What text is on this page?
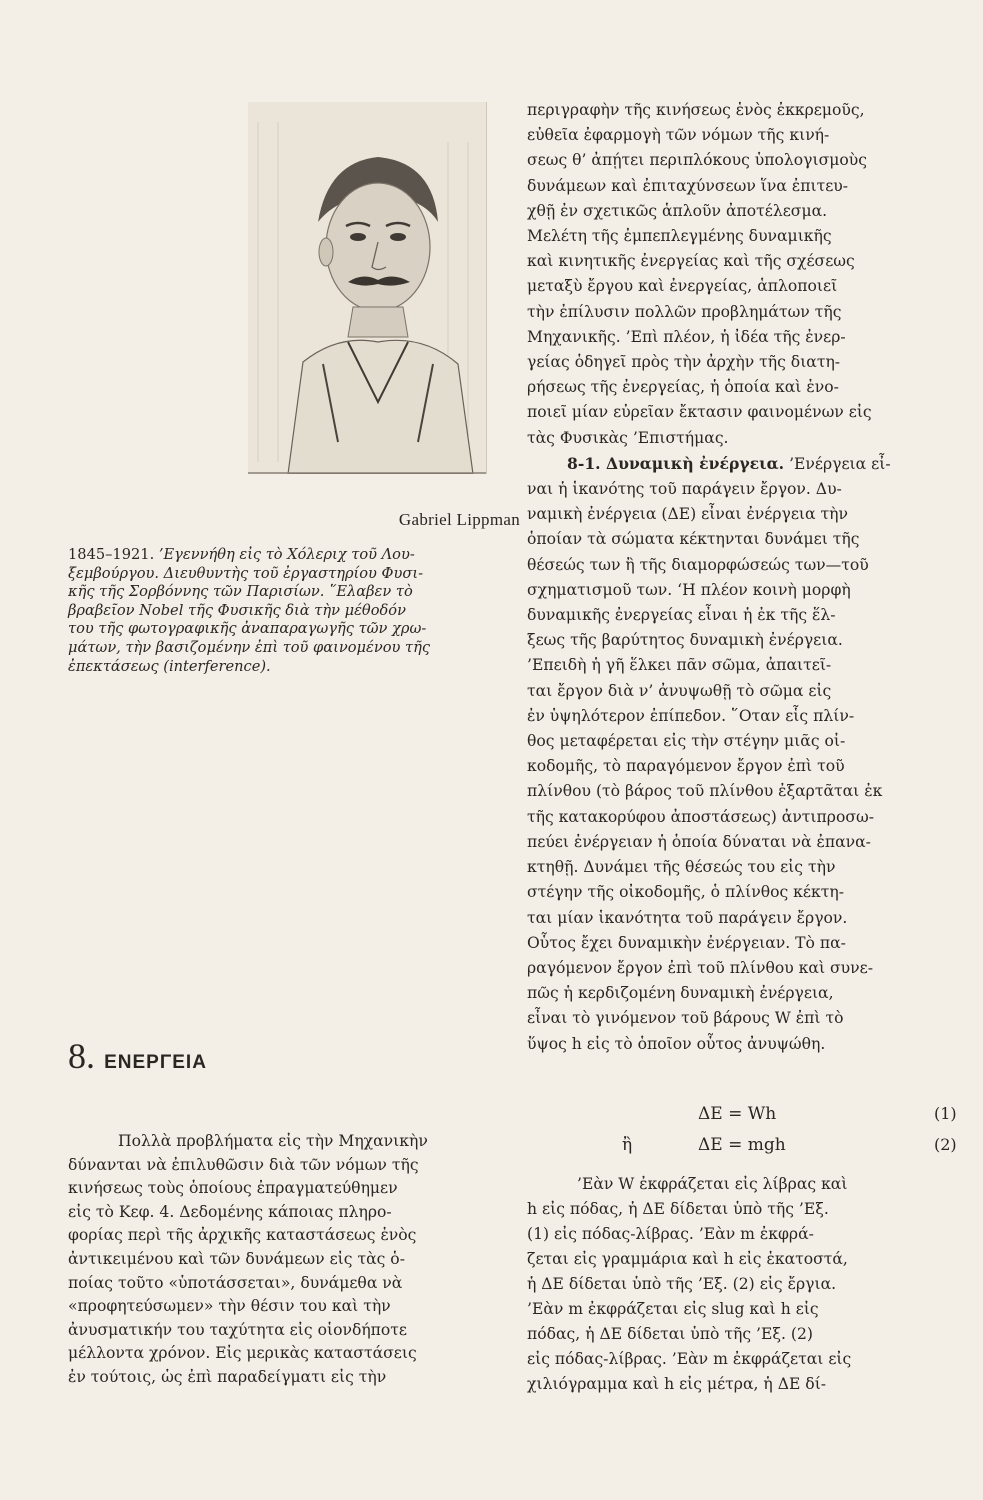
Gabriel Lippman

1845–1921. ’Εγεννήθη εἰς τὸ Χόλεριχ τοῦ Λου-

ξεμβούργου. Διευθυντὴς τοῦ ἐργαστηρίου Φυσι-

κῆς τῆς Σορβόννης τῶν Παρισίων. ῞Ελαβεν τὸ

βραβεῖον Nobel τῆς Φυσικῆς διὰ τὴν μέθοδόν

του τῆς φωτογραφικῆς ἀναπαραγωγῆς τῶν χρω-

μάτων, τὴν βασιζομένην ἐπὶ τοῦ φαινομένου τῆς

ἐπεκτάσεως (interference).

8. ΕΝΕΡΓΕΙΑ

Πολλὰ προβλήματα εἰς τὴν Μηχανικὴν

δύνανται νὰ ἐπιλυθῶσιν διὰ τῶν νόμων τῆς

κινήσεως τοὺς ὁποίους ἐπραγματεύθημεν

εἰς τὸ Κεφ. 4. Δεδομένης κάποιας πληρο-

φορίας περὶ τῆς ἀρχικῆς καταστάσεως ἑνὸς

ἀντικειμένου καὶ τῶν δυνάμεων εἰς τὰς ὁ-

ποίας τοῦτο «ὑποτάσσεται», δυνάμεθα νὰ

«προφητεύσωμεν» τὴν θέσιν του καὶ τὴν

ἀνυσματικήν του ταχύτητα εἰς οἱονδήποτε

μέλλοντα χρόνον. Εἰς μερικὰς καταστάσεις

ἐν τούτοις, ὡς ἐπὶ παραδείγματι εἰς τὴν

περιγραφὴν τῆς κινήσεως ἑνὸς ἐκκρεμοῦς,

εὐθεῖα ἐφαρμογὴ τῶν νόμων τῆς κινή-

σεως θ’ ἀπῄτει περιπλόκους ὑπολογισμοὺς

δυνάμεων καὶ ἐπιταχύνσεων ἵνα ἐπιτευ-

χθῇ ἐν σχετικῶς ἁπλοῦν ἀποτέλεσμα.

Μελέτη τῆς ἐμπεπλεγμένης δυναμικῆς

καὶ κινητικῆς ἐνεργείας καὶ τῆς σχέσεως

μεταξὺ ἔργου καὶ ἐνεργείας, ἁπλοποιεῖ

τὴν ἐπίλυσιν πολλῶν προβλημάτων τῆς

Μηχανικῆς. ’Επὶ πλέον, ἡ ἰδέα τῆς ἐνερ-

γείας ὁδηγεῖ πρὸς τὴν ἀρχὴν τῆς διατη-

ρήσεως τῆς ἐνεργείας, ἡ ὁποία καὶ ἑνο-

ποιεῖ μίαν εὐρεῖαν ἔκτασιν φαινομένων εἰς

τὰς Φυσικὰς ’Επιστήμας.

8-1. Δυναμικὴ ἐνέργεια. ’Ενέργεια εἶ-

ναι ἡ ἱκανότης τοῦ παράγειν ἔργον. Δυ-

ναμικὴ ἐνέργεια (ΔΕ) εἶναι ἐνέργεια τὴν

ὁποίαν τὰ σώματα κέκτηνται δυνάμει τῆς

θέσεώς των ἢ τῆς διαμορφώσεώς των—τοῦ

σχηματισμοῦ των. ‘Η πλέον κοινὴ μορφὴ

δυναμικῆς ἐνεργείας εἶναι ἡ ἐκ τῆς ἕλ-

ξεως τῆς βαρύτητος δυναμικὴ ἐνέργεια.

’Επειδὴ ἡ γῆ ἕλκει πᾶν σῶμα, ἀπαιτεῖ-

ται ἔργον διὰ ν’ ἀνυψωθῇ τὸ σῶμα εἰς

ἐν ὑψηλότερον ἐπίπεδον. ῞Οταν εἷς πλίν-

θος μεταφέρεται εἰς τὴν στέγην μιᾶς οἰ-

κοδομῆς, τὸ παραγόμενον ἔργον ἐπὶ τοῦ

πλίνθου (τὸ βάρος τοῦ πλίνθου ἐξαρτᾶται ἐκ

τῆς κατακορύφου ἀποστάσεως) ἀντιπροσω-

πεύει ἐνέργειαν ἡ ὁποία δύναται νὰ ἐπανα-

κτηθῇ. Δυνάμει τῆς θέσεώς του εἰς τὴν

στέγην τῆς οἰκοδομῆς, ὁ πλίνθος κέκτη-

ται μίαν ἱκανότητα τοῦ παράγειν ἔργον.

Οὗτος ἔχει δυναμικὴν ἐνέργειαν. Τὸ πα-

ραγόμενον ἔργον ἐπὶ τοῦ πλίνθου καὶ συνε-

πῶς ἡ κερδιζομένη δυναμικὴ ἐνέργεια,

εἶναι τὸ γινόμενον τοῦ βάρους W ἐπὶ τὸ

ὕψος h εἰς τὸ ὁποῖον οὗτος ἀνυψώθη.

ΔΕ = Wh	(1)
ἢ	ΔΕ = mgh	(2)

’Εὰν W ἐκφράζεται εἰς λίβρας καὶ

h εἰς πόδας, ἡ ΔΕ δίδεται ὑπὸ τῆς ’Εξ.

(1) εἰς πόδας-λίβρας. ’Εὰν m ἐκφρά-

ζεται εἰς γραμμάρια καὶ h εἰς ἑκατοστά,

ἡ ΔΕ δίδεται ὑπὸ τῆς ’Εξ. (2) εἰς ἔργια.

’Εὰν m ἐκφράζεται εἰς slug καὶ h εἰς

πόδας, ἡ ΔΕ δίδεται ὑπὸ τῆς ’Εξ. (2)

εἰς πόδας-λίβρας. ’Εὰν m ἐκφράζεται εἰς

χιλιόγραμμα καὶ h εἰς μέτρα, ἡ ΔΕ δί-
